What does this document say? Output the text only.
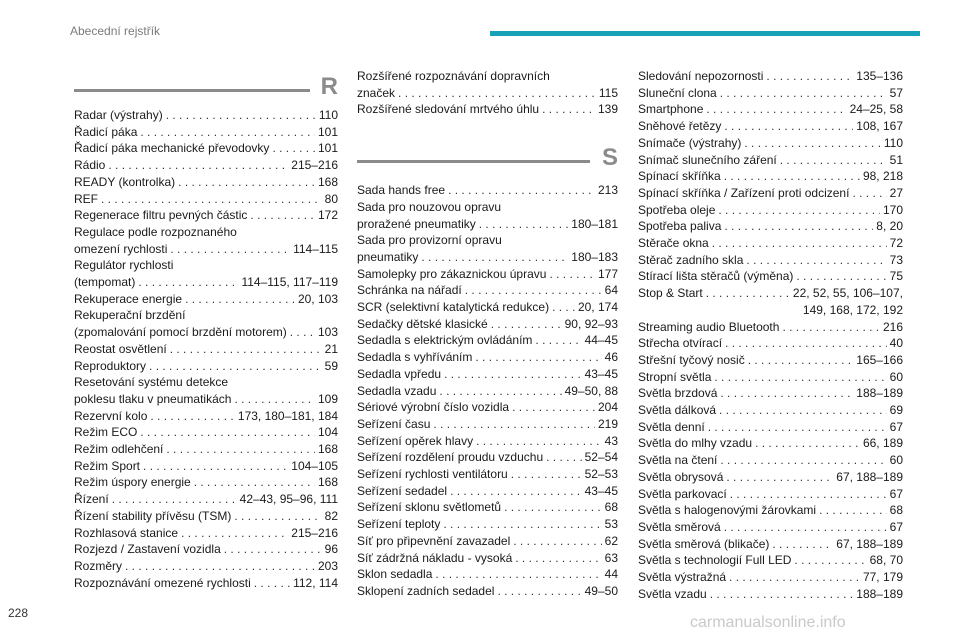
Abecední rejstřík
R
Radar (výstrahy) . . .	110
Řadicí páka . . .	101
Řadicí páka mechanické převodovky . . .	101
Rádio . . .	215–216
READY (kontrolka) . . .	168
REF . . .	80
Regenerace filtru pevných částic . . .	172
Regulace podle rozpoznaného
omezení rychlosti . . .	114–115
Regulátor rychlosti
(tempomat) . . .	114–115, 117–119
Rekuperace energie . . .	20, 103
Rekuperační brzdění
(zpomalování pomocí brzdění motorem) . . .	103
Reostat osvětlení . . .	21
Reproduktory . . .	59
Resetování systému detekce
poklesu tlaku v pneumatikách . . .	109
Rezervní kolo . . .	173, 180–181, 184
Režim ECO . . .	104
Režim odlehčení . . .	168
Režim Sport . . .	104–105
Režim úspory energie . . .	168
Řízení . . .	42–43, 95–96, 111
Řízení stability přívěsu (TSM) . . .	82
Rozhlasová stanice . . .	215–216
Rozjezd / Zastavení vozidla . . .	96
Rozměry . . .	203
Rozpoznávání omezené rychlosti . . .	112, 114
Rozšířené rozpoznávání dopravních
značek . . .	115
Rozšířené sledování mrtvého úhlu . . .	139
S
Sada hands free . . .	213
Sada pro nouzovou opravu
proražené pneumatiky . . .	180–181
Sada pro provizorní opravu
pneumatiky . . .	180–183
Samolepky pro zákaznickou úpravu . . .	177
Schránka na nářadí . . .	64
SCR (selektivní katalytická redukce) . . . 20, 174
Sedačky dětské klasické . . .	90, 92–93
Sedadla s elektrickým ovládáním . . .	44–45
Sedadla s vyhříváním . . .	46
Sedadla vpředu . . .	43–45
Sedadla vzadu . . .	49–50, 88
Sériové výrobní číslo vozidla . . .	204
Seřízení času . . .	219
Seřízení opěrek hlavy . . .	43
Seřízení rozdělení proudu vzduchu . . .	52–54
Seřízení rychlosti ventilátoru . . .	52–53
Seřízení sedadel . . .	43–45
Seřízení sklonu světlometů . . .	68
Seřízení teploty . . .	53
Síť pro připevnění zavazadel . . .	62
Síť zádržná nákladu - vysoká . . .	63
Sklon sedadla . . .	44
Sklopení zadních sedadel . . .	49–50
Sledování nepozornosti . . .	135–136
Sluneční clona . . .	57
Smartphone . . .	24–25, 58
Sněhové řetězy . . .	108, 167
Snímače (výstrahy) . . .	110
Snímač slunečního záření . . .	51
Spínací skříňka . . .	98, 218
Spínací skříňka / Zařízení proti odcizení . . .	27
Spotřeba oleje . . .	170
Spotřeba paliva . . .	8, 20
Stěrače okna . . .	72
Stěrač zadního skla . . .	73
Stírací lišta stěračů (výměna) . . .	75
Stop & Start . . .	22, 52, 55, 106–107,
149, 168, 172, 192
Streaming audio Bluetooth . . .	216
Střecha otvírací . . .	40
Střešní tyčový nosič . . .	165–166
Stropní světla . . .	60
Světla brzdová . . .	188–189
Světla dálková . . .	69
Světla denní . . .	67
Světla do mlhy vzadu . . .	66, 189
Světla na čtení . . .	60
Světla obrysová . . .	67, 188–189
Světla parkovací . . .	67
Světla s halogenovými žárovkami . . .	68
Světla směrová . . .	67
Světla směrová (blikače) . . .	67, 188–189
Světla s technologií Full LED . . .	68, 70
Světla výstražná . . .	77, 179
Světla vzadu . . .	188–189
228
carmanualsonline.info
